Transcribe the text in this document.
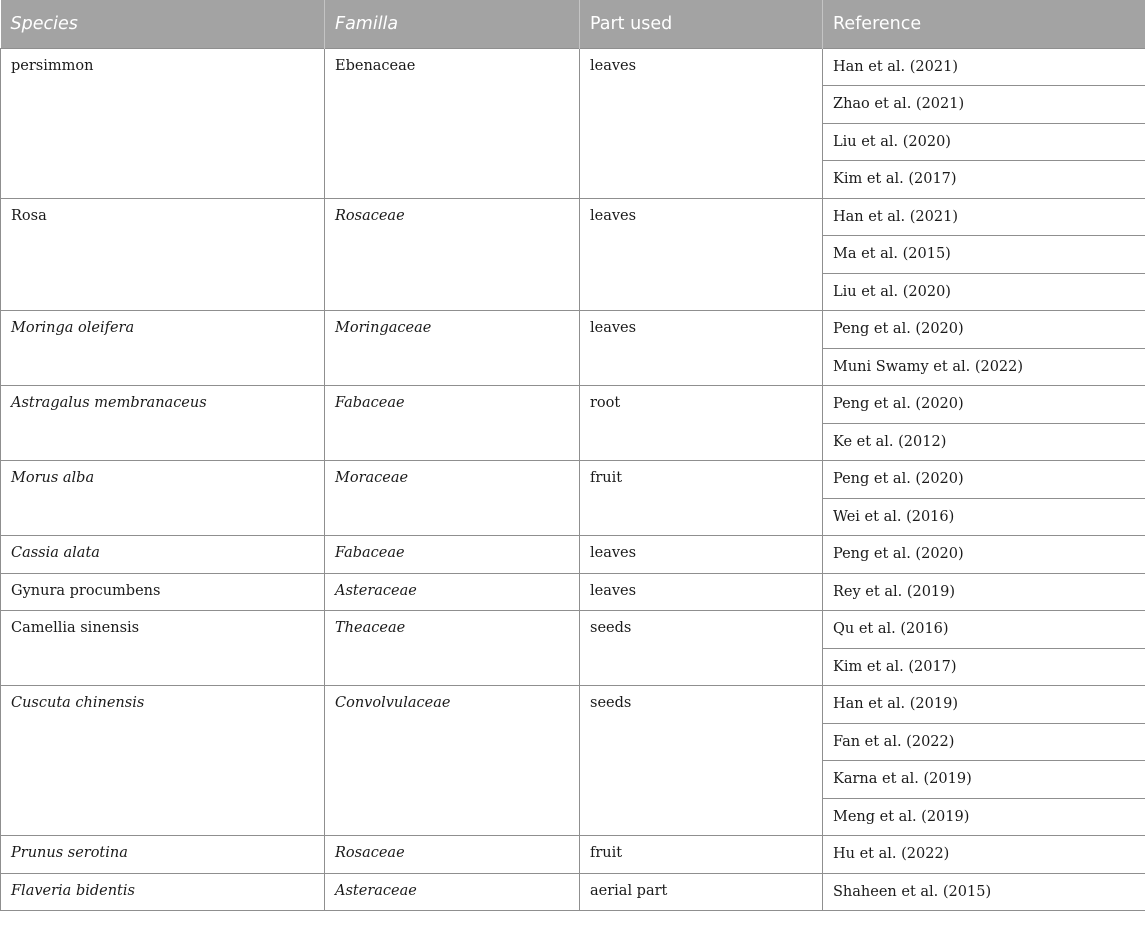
Species	Familla	Part used	Reference
persimmon	Ebenaceae	leaves	Han et al. (2021)
			Zhao et al. (2021)
			Liu et al. (2020)
			Kim et al. (2017)
Rosa	Rosaceae	leaves	Han et al. (2021)
			Ma et al. (2015)
			Liu et al. (2020)
Moringa oleifera	Moringaceae	leaves	Peng et al. (2020)
			Muni Swamy et al. (2022)
Astragalus membranaceus	Fabaceae	root	Peng et al. (2020)
			Ke et al. (2012)
Morus alba	Moraceae	fruit	Peng et al. (2020)
			Wei et al. (2016)
Cassia alata	Fabaceae	leaves	Peng et al. (2020)
Gynura procumbens	Asteraceae	leaves	Rey et al. (2019)
Camellia sinensis	Theaceae	seeds	Qu et al. (2016)
			Kim et al. (2017)
Cuscuta chinensis	Convolvulaceae	seeds	Han et al. (2019)
			Fan et al. (2022)
			Karna et al. (2019)
			Meng et al. (2019)
Prunus serotina	Rosaceae	fruit	Hu et al. (2022)
Flaveria bidentis	Asteraceae	aerial part	Shaheen et al. (2015)
